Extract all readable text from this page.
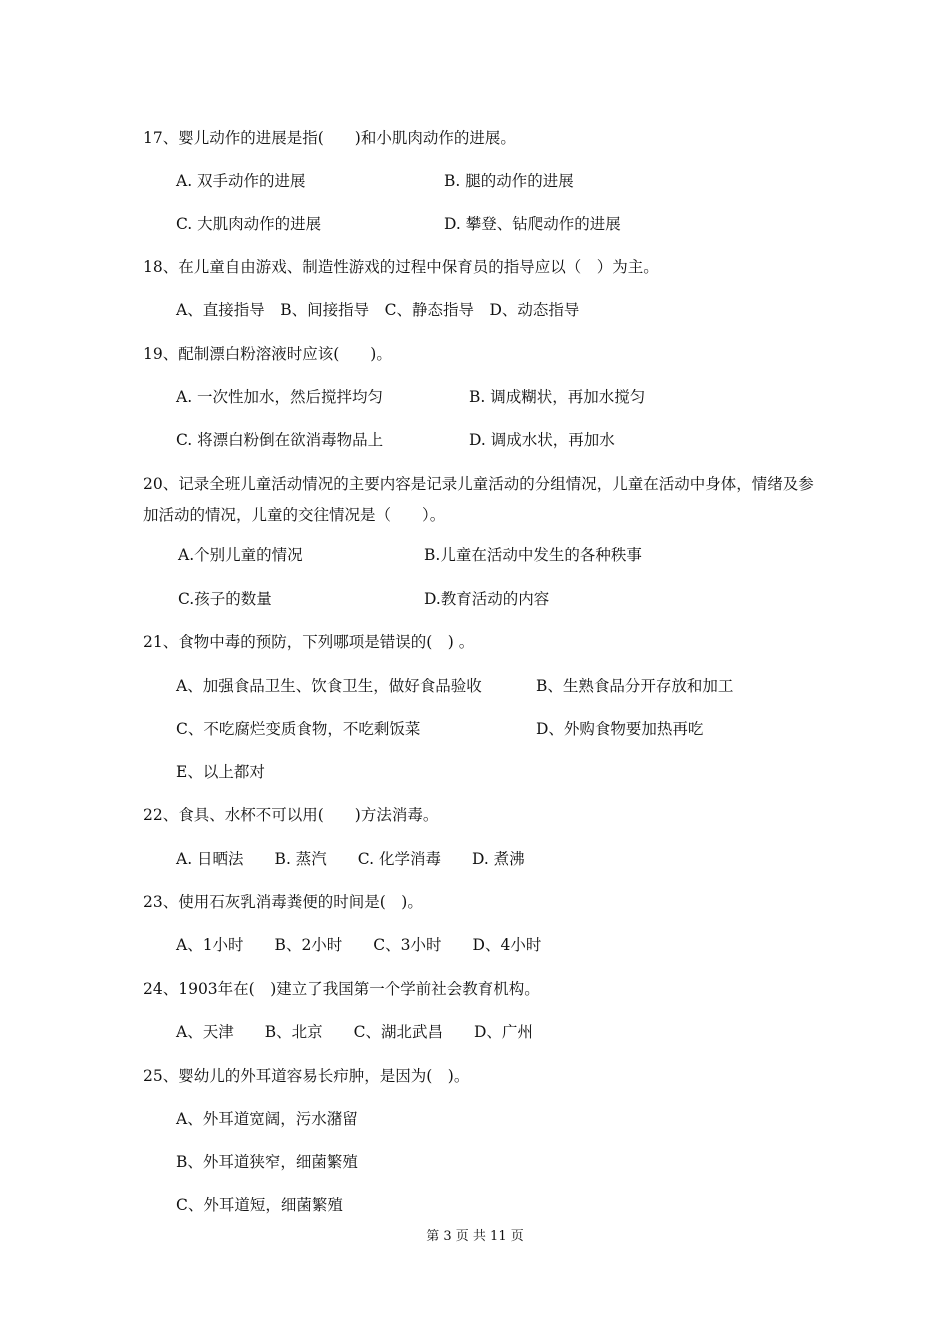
17、婴儿动作的进展是指(　　)和小肌肉动作的进展。
A. 双手动作的进展	B. 腿的动作的进展
C. 大肌肉动作的进展	D. 攀登、钻爬动作的进展
18、在儿童自由游戏、制造性游戏的过程中保育员的指导应以（　）为主。
A、直接指导　B、间接指导　C、静态指导　D、动态指导
19、配制漂白粉溶液时应该(　　)。
A. 一次性加水，然后搅拌均匀	B. 调成糊状，再加水搅匀
C. 将漂白粉倒在欲消毒物品上	D. 调成水状，再加水
20、记录全班儿童活动情况的主要内容是记录儿童活动的分组情况，儿童在活动中身体，情绪及参加活动的情况，儿童的交往情况是（　　）。
A.个别儿童的情况	B.儿童在活动中发生的各种秩事
C.孩子的数量	D.教育活动的内容
21、食物中毒的预防，下列哪项是错误的(　) 。
A、加强食品卫生、饮食卫生，做好食品验收	B、生熟食品分开存放和加工
C、不吃腐烂变质食物，不吃剩饭菜	D、外购食物要加热再吃
E、以上都对
22、食具、水杯不可以用(　　)方法消毒。
A. 日晒法　　B. 蒸汽　　C. 化学消毒　　D. 煮沸
23、使用石灰乳消毒粪便的时间是(　)。
A、1小时　　B、2小时　　C、3小时　　D、4小时
24、1903年在(　)建立了我国第一个学前社会教育机构。
A、天津　　B、北京　　C、湖北武昌　　D、广州
25、婴幼儿的外耳道容易长疖肿，是因为(　)。
A、外耳道宽阔，污水潴留
B、外耳道狭窄，细菌繁殖
C、外耳道短，细菌繁殖
第 3 页 共 11 页
